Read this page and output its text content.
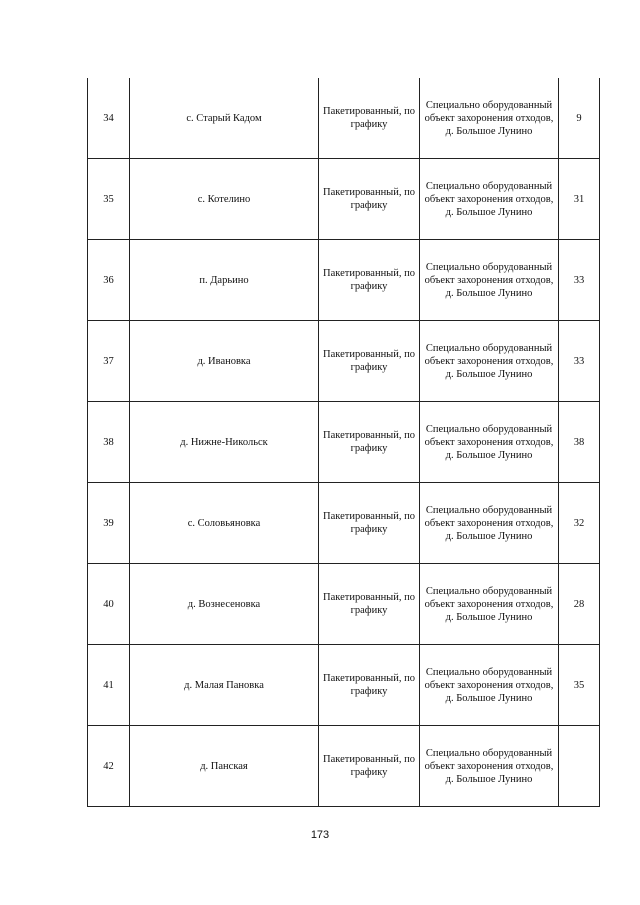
34	с. Старый Кадом	Пакетированный, по графику	Специально оборудованный объект захоронения отходов, д. Большое Лунино	9
35	с. Котелино	Пакетированный, по графику	Специально оборудованный объект захоронения отходов, д. Большое Лунино	31
36	п. Дарьино	Пакетированный, по графику	Специально оборудованный объект захоронения отходов, д. Большое Лунино	33
37	д. Ивановка	Пакетированный, по графику	Специально оборудованный объект захоронения отходов, д. Большое Лунино	33
38	д. Нижне-Никольск	Пакетированный, по графику	Специально оборудованный объект захоронения отходов, д. Большое Лунино	38
39	с. Соловьяновка	Пакетированный, по графику	Специально оборудованный объект захоронения отходов, д. Большое Лунино	32
40	д. Вознесеновка	Пакетированный, по графику	Специально оборудованный объект захоронения отходов, д. Большое Лунино	28
41	д. Малая Пановка	Пакетированный, по графику	Специально оборудованный объект захоронения отходов, д. Большое Лунино	35
42	д. Панская	Пакетированный, по графику	Специально оборудованный объект захоронения отходов, д. Большое Лунино	
173
